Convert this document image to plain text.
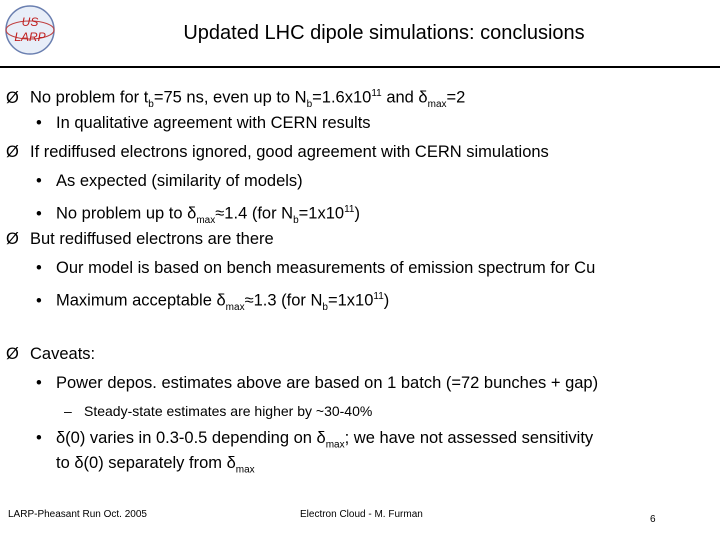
US
LARP	Updated LHC dipole simulations: conclusions
Ø No problem for $t_b=75$ ns, even up to $N_b=1.6x10^{11}$ and $\delta_{max}=2$
• In qualitative agreement with CERN results
Ø If rediffused electrons ignored, good agreement with CERN simulations
• As expected (similarity of models)
• No problem up to $\delta_{max}\approx 1.4$ (for $N_b=1x10^{11}$)
Ø But rediffused electrons are there
• Our model is based on bench measurements of emission spectrum for Cu
• Maximum acceptable $\delta_{max}\approx 1.3$ (for $N_b=1x10^{11}$)
Ø Caveats:
• Power depos. estimates above are based on 1 batch (=72 bunches + gap)
– Steady-state estimates are higher by ~30-40%
• δ(0) varies in 0.3-0.5 depending on $\delta_{max}$; we have not assessed sensitivity
to δ(0) separately from $\delta_{max}$
LARP-Pheasant Run Oct. 2005	Electron Cloud - M. Furman	6
